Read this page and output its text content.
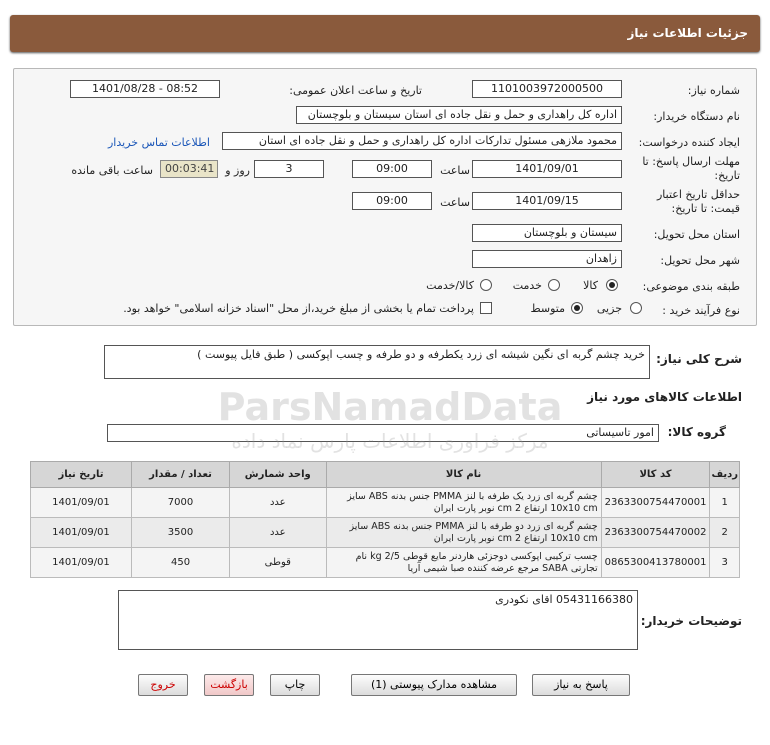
جزئیات اطلاعات نیاز
شماره نیاز:
1101003972000500
تاریخ و ساعت اعلان عمومی:
1401/08/28 - 08:52
نام دستگاه خریدار:
اداره کل راهداری و حمل و نقل جاده ای استان سیستان و بلوچستان
ایجاد کننده درخواست:
محمود ملازهی مسئول تدارکات اداره کل راهداری و حمل و نقل جاده ای استان
اطلاعات تماس خریدار
مهلت ارسال پاسخ: تا
تاریخ:
1401/09/01
ساعت
09:00
3
روز و
00:03:41
ساعت باقی مانده
حداقل تاریخ اعتبار
قیمت: تا تاریخ:
1401/09/15
ساعت
09:00
استان محل تحویل:
سیستان و بلوچستان
شهر محل تحویل:
زاهدان
طبقه بندی موضوعی:
کالا
خدمت
کالا/خدمت
نوع فرآیند خرید :
جزیی
متوسط
پرداخت تمام یا بخشی از مبلغ خرید،از محل "اسناد خزانه اسلامی" خواهد بود.
شرح کلی نیاز:
خرید چشم گربه ای نگین شیشه ای زرد یکطرفه و دو طرفه و چسب اپوکسی ( طبق فایل پیوست )
اطلاعات کالاهای مورد نیاز
گروه کالا:
امور تاسیساتی
ردیف	کد کالا	نام کالا	واحد شمارش	تعداد / مقدار	تاریخ نیاز
1	2363300754470001	چشم گربه ای زرد یک طرفه با لنز PMMA جنس بدنه ABS سایز 10x10 cm ارتفاع 2 cm نوبر پارت ایران	عدد	7000	1401/09/01
2	2363300754470002	چشم گربه ای زرد دو طرفه با لنز PMMA جنس بدنه ABS سایز 10x10 cm ارتفاع 2 cm نوبر پارت ایران	عدد	3500	1401/09/01
3	0865300413780001	چسب ترکیبی اپوکسی دوجزئی هاردنر مایع قوطی 2/5 kg نام تجارتی SABA مرجع عرضه کننده صبا شیمی آریا	قوطی	450	1401/09/01
توضیحات خریدار:
05431166380 اقای نکودری
پاسخ به نیاز
مشاهده مدارک پیوستی (1)
چاپ
بازگشت
خروج
ParsNamadData
مرکز فراوری اطلاعات پارس نماد داده
